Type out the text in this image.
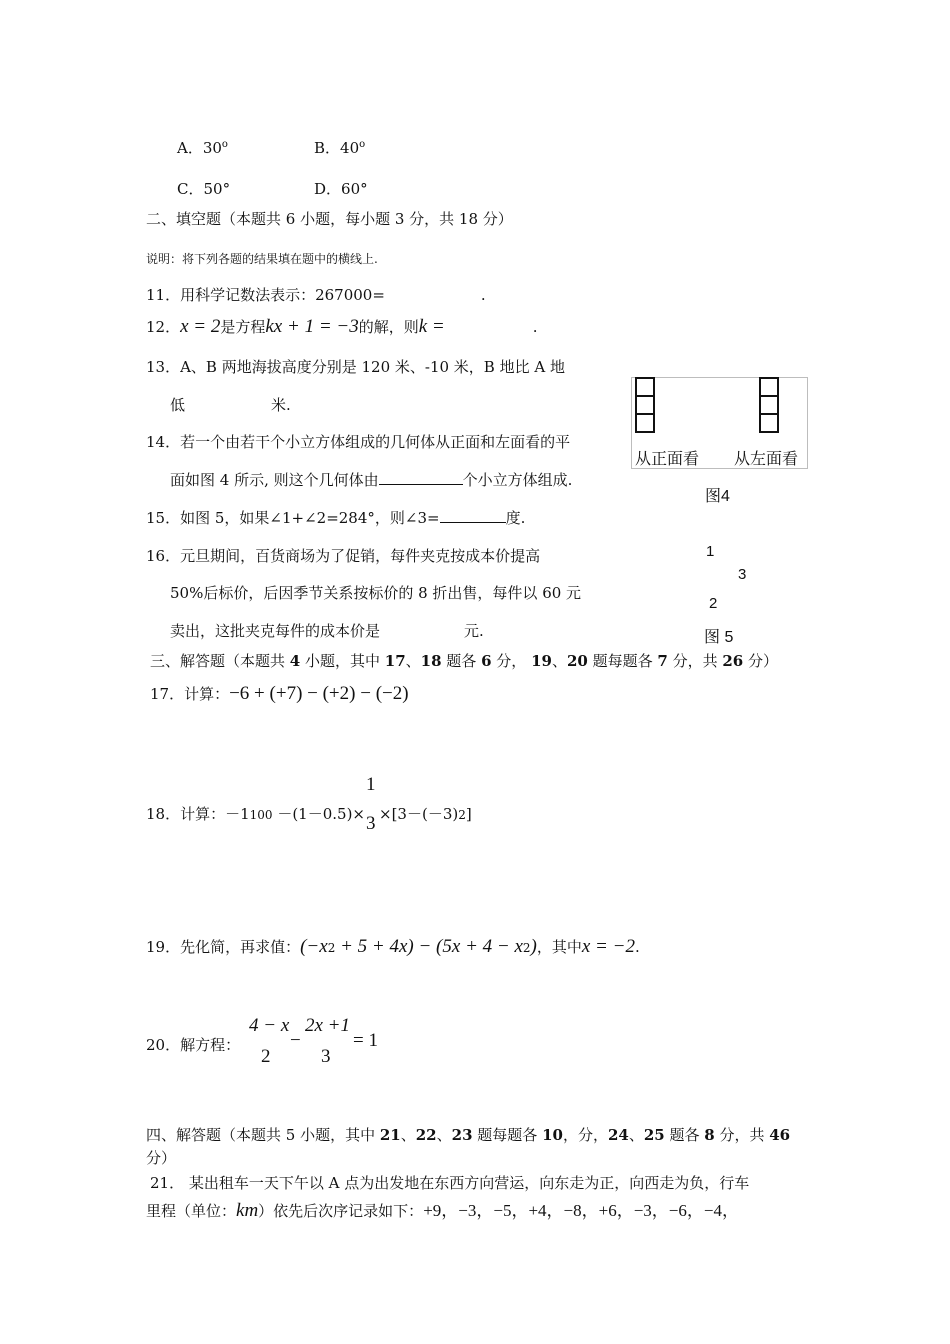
A．30$^o$	B．40$^o$
C．50°	D．60°
二、填空题（本题共 6 小题，每小题 3 分，共 18 分）
说明：将下列各题的结果填在题中的横线上.
11．用科学记数法表示：267000=	.
12．x = 2是方程kx + 1 = −3的解，则k =	.
13．A、B 两地海拔高度分别是 120 米、-10 米，B 地比 A 地
低	米.
14．若一个由若干个小立方体组成的几何体从正面和左面看的平
面如图 4 所示, 则这个几何体由	个小立方体组成.
从正面看 从左面看
图4
15．如图 5，如果∠1+∠2=284°，则∠3=	度.
16．元旦期间，百货商场为了促销，每件夹克按成本价提高
50%后标价，后因季节关系按标价的 8 折出售，每件以 60 元
卖出，这批夹克每件的成本价是	元.
1
3
2
图 5
三、解答题（本题共 4 小题，其中 17、18 题各 6 分， 19、20 题每题各 7 分，共 26 分）
17．计算：−6 + (+7) − (+2) − (−2)
18．计算：－1100 －(1－0.5)×
1
3 ×[3－(－3)2]
19．先化简，再求值：(−x2 + 5 + 4x) − (5x + 4 − x2)，其中x = −2.
20．解方程：
4 − x
2
−
2x +1
3
= 1
四、解答题（本题共 5 小题，其中 21、22、23 题每题各 10，分，24、25 题各 8 分，共 46
分）
21． 某出租车一天下午以 A 点为出发地在东西方向营运，向东走为正，向西走为负，行车
里程（单位：km）依先后次序记录如下：+9，−3，−5，+4，−8，+6，−3，−6，−4，
